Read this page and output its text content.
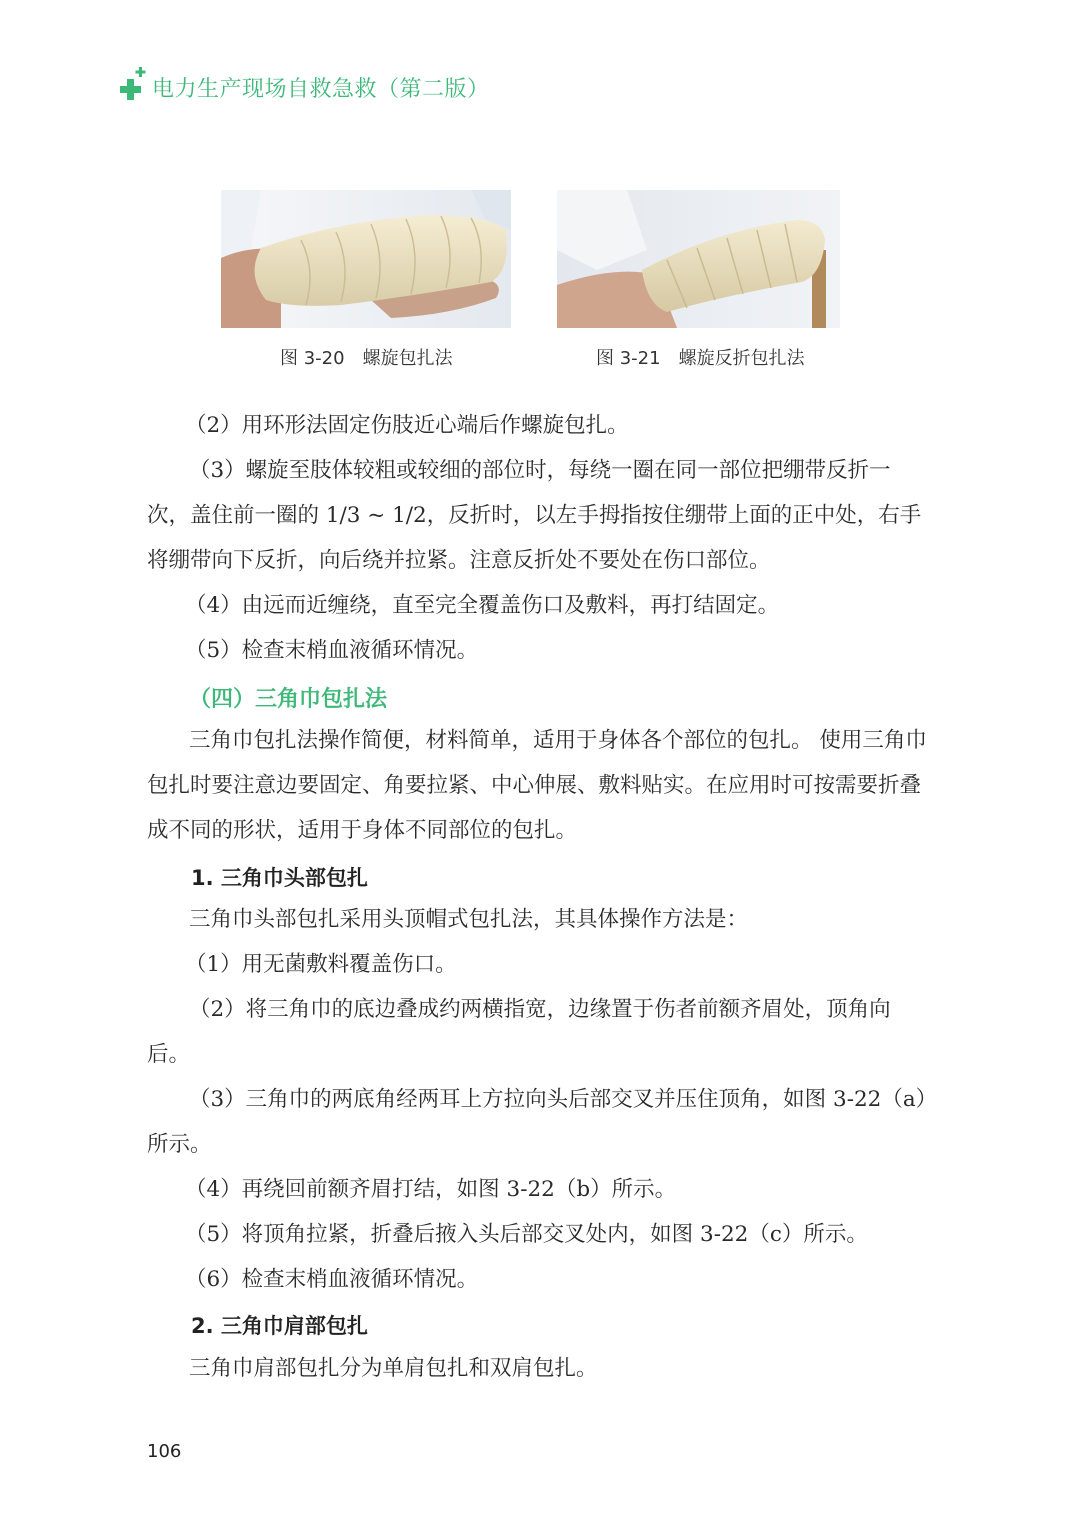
电力生产现场自救急救（第二版）
图 3-20　螺旋包扎法	图 3-21　螺旋反折包扎法

（2）用环形法固定伤肢近心端后作螺旋包扎。

（3）螺旋至肢体较粗或较细的部位时，每绕一圈在同一部位把绷带反折一次，盖住前一圈的 1/3 ~ 1/2，反折时，以左手拇指按住绷带上面的正中处，右手将绷带向下反折，向后绕并拉紧。注意反折处不要处在伤口部位。

（4）由远而近缠绕，直至完全覆盖伤口及敷料，再打结固定。

（5）检查末梢血液循环情况。

（四）三角巾包扎法

三角巾包扎法操作简便，材料简单，适用于身体各个部位的包扎。 使用三角巾包扎时要注意边要固定、角要拉紧、中心伸展、敷料贴实。在应用时可按需要折叠成不同的形状，适用于身体不同部位的包扎。

1. 三角巾头部包扎

三角巾头部包扎采用头顶帽式包扎法，其具体操作方法是：

（1）用无菌敷料覆盖伤口。

（2）将三角巾的底边叠成约两横指宽，边缘置于伤者前额齐眉处，顶角向后。

（3）三角巾的两底角经两耳上方拉向头后部交叉并压住顶角，如图 3-22（a）所示。

（4）再绕回前额齐眉打结，如图 3-22（b）所示。

（5）将顶角拉紧，折叠后掖入头后部交叉处内，如图 3-22（c）所示。

（6）检查末梢血液循环情况。

2. 三角巾肩部包扎

三角巾肩部包扎分为单肩包扎和双肩包扎。

106
